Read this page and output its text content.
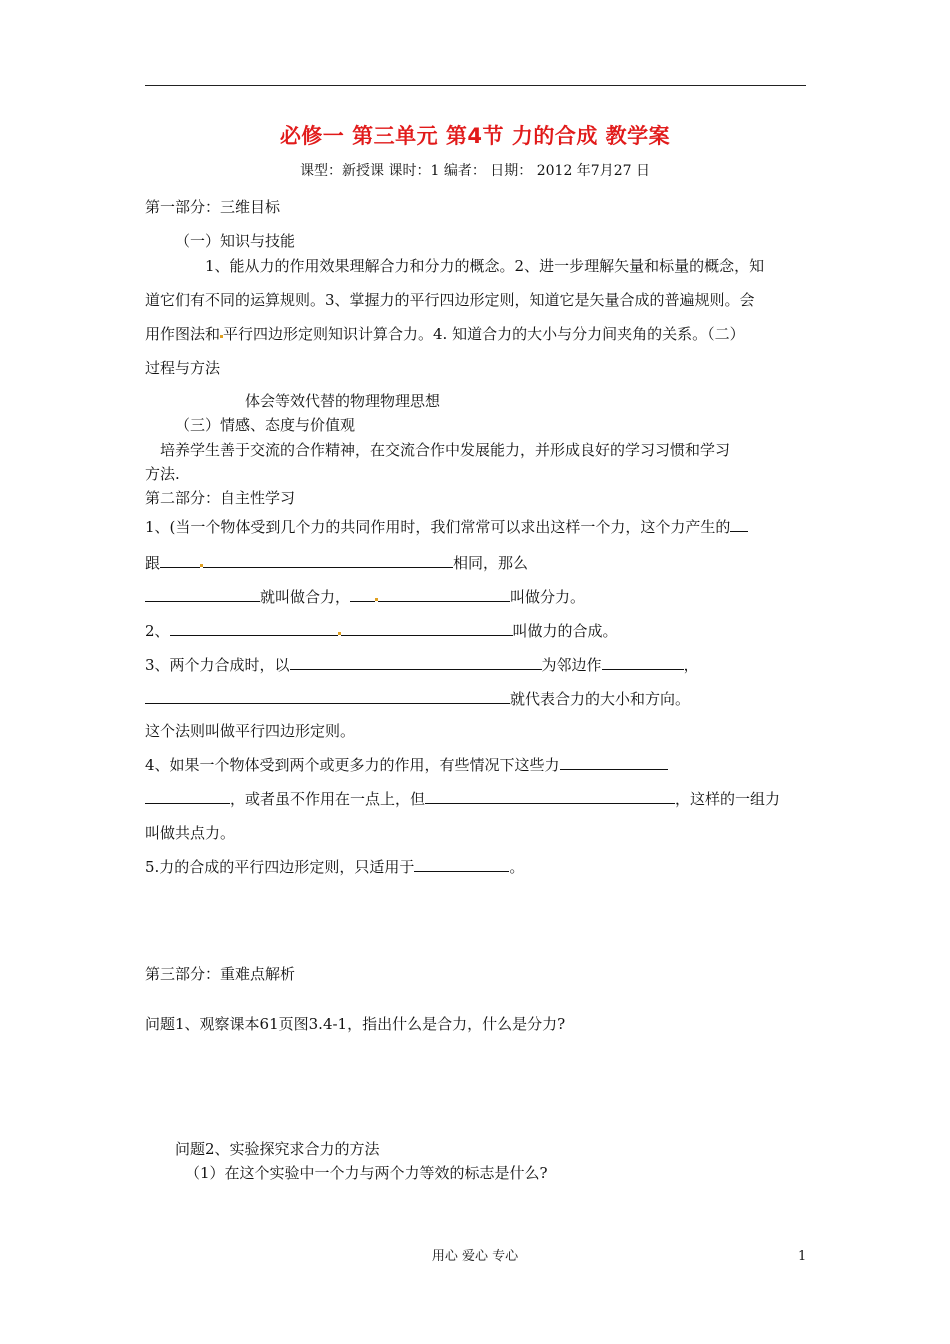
必修一 第三单元 第4节 力的合成 教学案
课型：新授课 课时：1 编者： 日期： 2012 年7月27 日
第一部分：三维目标
（一）知识与技能
1、能从力的作用效果理解合力和分力的概念。2、进一步理解矢量和标量的概念，知
道它们有不同的运算规则。3、掌握力的平行四边形定则，知道它是矢量合成的普遍规则。会
用作图法和 平行四边形定则知识计算合力。4. 知道合力的大小与分力间夹角的关系。（二）
过程与方法
体会等效代替的物理物理思想
（三）情感、态度与价值观
培养学生善于交流的合作精神，在交流合作中发展能力，并形成良好的学习习惯和学习
方法.
第二部分：自主性学习
1、(当一个物体受到几个力的共同作用时，我们常常可以求出这样一个力，这个力产生的
跟	相同，那么
就叫做合力，	叫做分力。
2、	叫做力的合成。
3、两个力合成时，以	为邻边作	，
就代表合力的大小和方向。
这个法则叫做平行四边形定则。
4、如果一个物体受到两个或更多力的作用，有些情况下这些力
，或者虽不作用在一点上，但	，这样的一组力
叫做共点力。
5.力的合成的平行四边形定则，只适用于	。
第三部分：重难点解析
问题1、观察课本61页图3.4-1，指出什么是合力，什么是分力?
问题2、实验探究求合力的方法
（1）在这个实验中一个力与两个力等效的标志是什么?
用心 爱心 专心	1
